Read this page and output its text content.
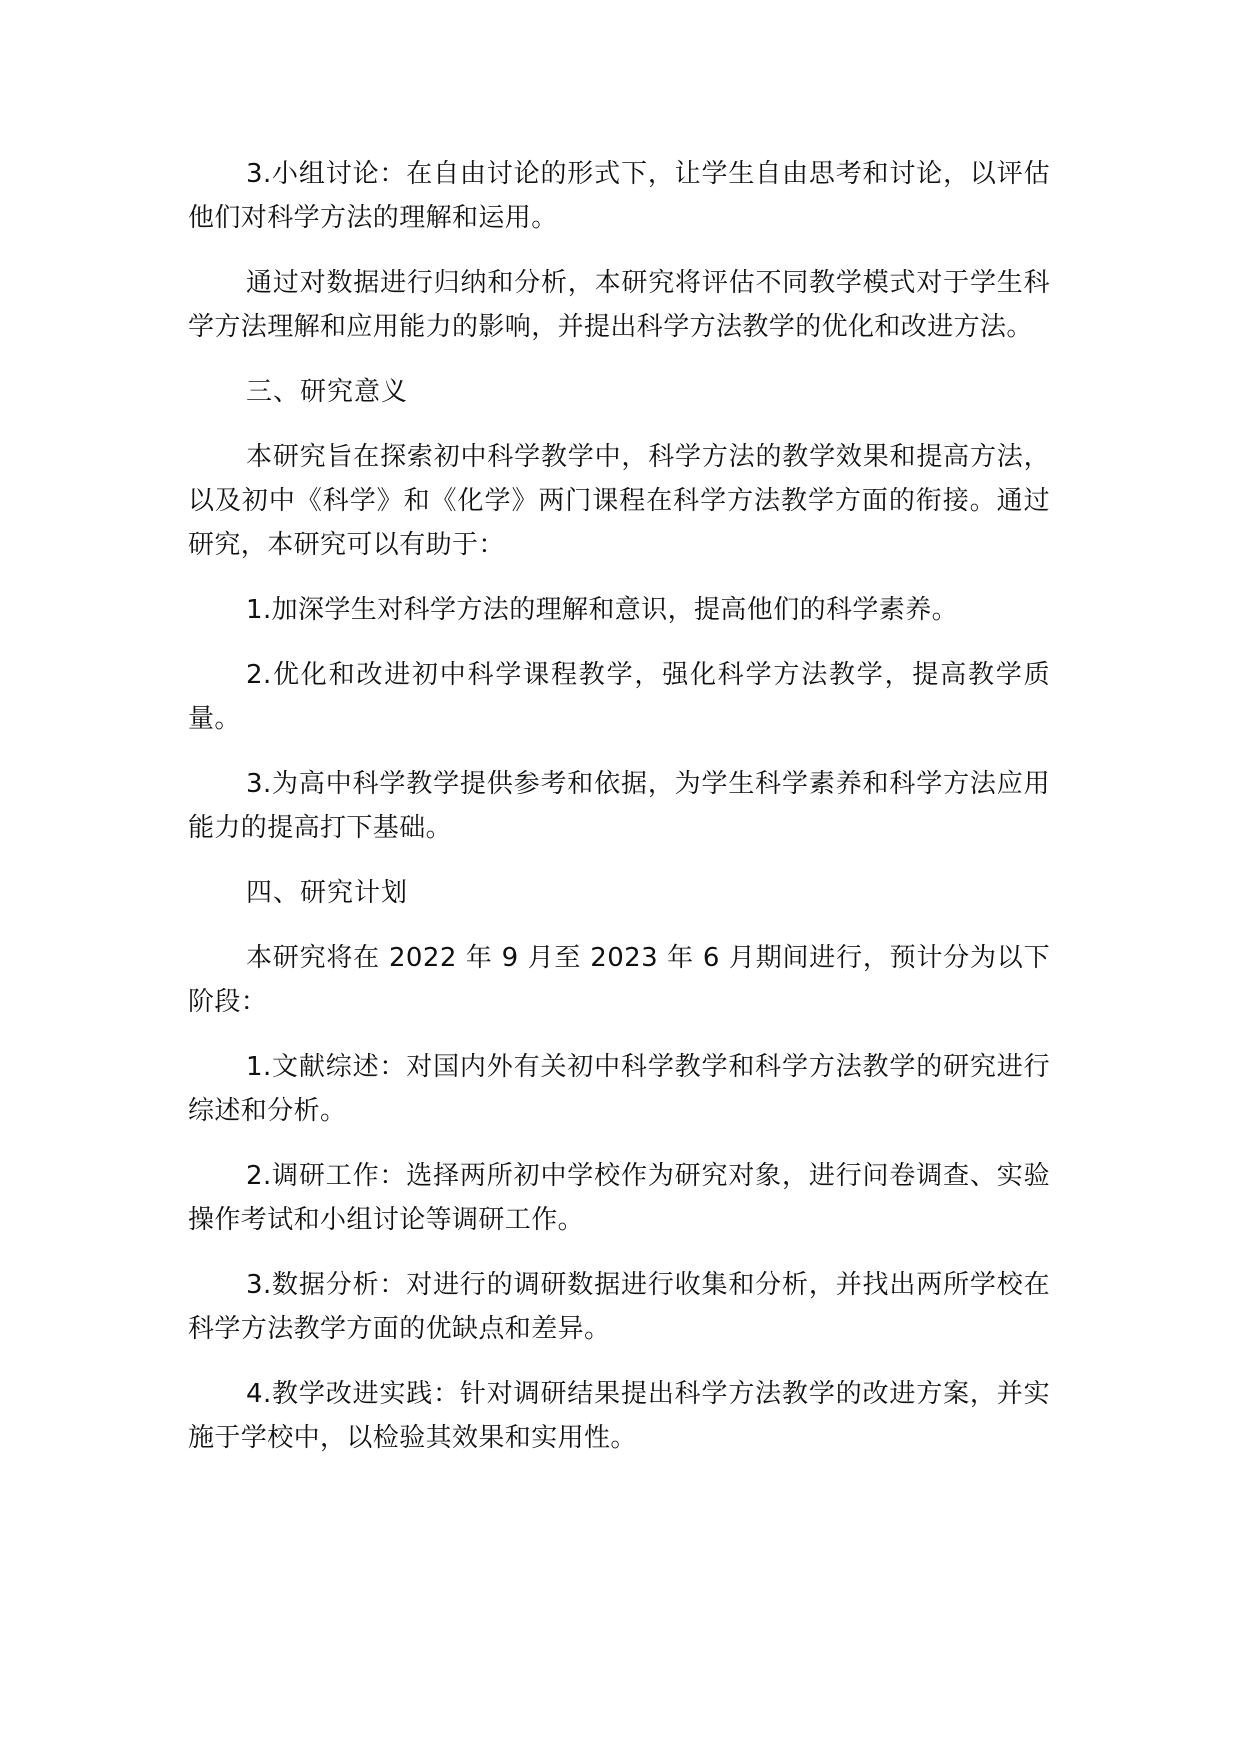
3.小组讨论：在自由讨论的形式下，让学生自由思考和讨论，以评估他们对科学方法的理解和运用。

通过对数据进行归纳和分析，本研究将评估不同教学模式对于学生科学方法理解和应用能力的影响，并提出科学方法教学的优化和改进方法。

三、研究意义

本研究旨在探索初中科学教学中，科学方法的教学效果和提高方法，以及初中《科学》和《化学》两门课程在科学方法教学方面的衔接。通过研究，本研究可以有助于：

1.加深学生对科学方法的理解和意识，提高他们的科学素养。

2.优化和改进初中科学课程教学，强化科学方法教学，提高教学质量。

3.为高中科学教学提供参考和依据，为学生科学素养和科学方法应用能力的提高打下基础。

四、研究计划

本研究将在 2022 年 9 月至 2023 年 6 月期间进行，预计分为以下阶段：

1.文献综述：对国内外有关初中科学教学和科学方法教学的研究进行综述和分析。

2.调研工作：选择两所初中学校作为研究对象，进行问卷调查、实验操作考试和小组讨论等调研工作。

3.数据分析：对进行的调研数据进行收集和分析，并找出两所学校在科学方法教学方面的优缺点和差异。

4.教学改进实践：针对调研结果提出科学方法教学的改进方案，并实施于学校中，以检验其效果和实用性。
